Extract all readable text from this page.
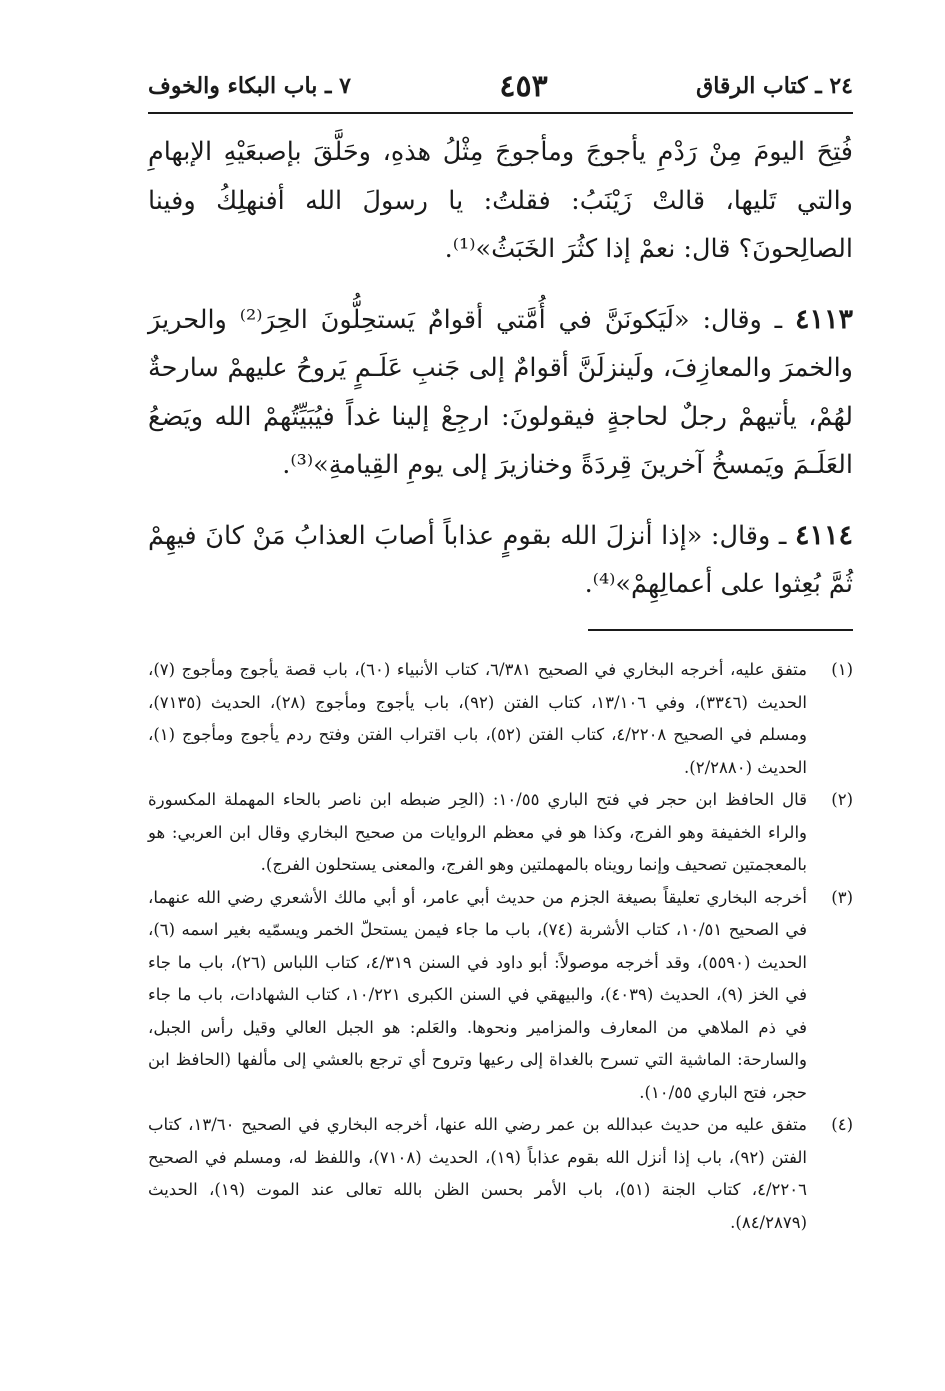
٢٤ ـ كتاب الرقاق
٤٥٣
٧ ـ باب البكاء والخوف

فُتِحَ اليومَ مِنْ رَدْمِ يأجوجَ ومأجوجَ مِثْلُ هذهِ، وحَلَّقَ بإصبعَيْهِ الإبهامِ والتي تَليها، قالتْ زَيْنَبُ: فقلتُ: يا رسولَ الله أفنهلِكُ وفينا الصالِحونَ؟ قال: نعمْ إذا كثُرَ الخَبَثُ»⁽¹⁾.

٤١١٣ ـ وقال: «لَيَكونَنَّ في أُمَّتي أقوامٌ يَستحِلُّونَ الحِرَ⁽²⁾ والحريرَ والخمرَ والمعازِفَ، ولَينزلَنَّ أقوامٌ إلى جَنبِ عَلَـمٍ يَروحُ عليهمْ سارحةٌ لهُمْ، يأتيهمْ رجلٌ لحاجةٍ فيقولونَ: ارجِعْ إلينا غداً فيُبَيِّتُهمْ الله ويَضعُ العَلَـمَ ويَمسخُ آخرينَ قِردَةً وخنازيرَ إلى يومِ القِيامةِ»⁽³⁾.

٤١١٤ ـ وقال: «إذا أنزلَ الله بقومٍ عذاباً أصابَ العذابُ مَنْ كانَ فيهِمْ ثُمَّ بُعِثوا على أعمالِهِمْ»⁽⁴⁾.

(١)
متفق عليه، أخرجه البخاري في الصحيح ٦/٣٨١، كتاب الأنبياء (٦٠)، باب قصة يأجوج ومأجوج (٧)، الحديث (٣٣٤٦)، وفي ١٣/١٠٦، كتاب الفتن (٩٢)، باب يأجوج ومأجوج (٢٨)، الحديث (٧١٣٥)، ومسلم في الصحيح ٤/٢٢٠٨، كتاب الفتن (٥٢)، باب اقتراب الفتن وفتح ردم يأجوج ومأجوج (١)، الحديث (٢/٢٨٨٠).
(٢)
قال الحافظ ابن حجر في فتح الباري ١٠/٥٥: (الحِر ضبطه ابن ناصر بالحاء المهملة المكسورة والراء الخفيفة وهو الفرج، وكذا هو في معظم الروايات من صحيح البخاري وقال ابن العربي: هو بالمعجمتين تصحيف وإنما رويناه بالمهملتين وهو الفرج، والمعنى يستحلون الفرج).
(٣)
أخرجه البخاري تعليقاً بصيغة الجزم من حديث أبي عامر، أو أبي مالك الأشعري رضي الله عنهما، في الصحيح ١٠/٥١، كتاب الأشربة (٧٤)، باب ما جاء فيمن يستحلّ الخمر ويسمّيه بغير اسمه (٦)، الحديث (٥٥٩٠)، وقد أخرجه موصولاً: أبو داود في السنن ٤/٣١٩، كتاب اللباس (٢٦)، باب ما جاء في الخز (٩)، الحديث (٤٠٣٩)، والبيهقي في السنن الكبرى ١٠/٢٢١، كتاب الشهادات، باب ما جاء في ذم الملاهي من المعارف والمزامير ونحوها. والعَلم: هو الجبل العالي وقيل رأس الجبل، والسارحة: الماشية التي تسرح بالغداة إلى رعيها وتروح أي ترجع بالعشي إلى مألفها (الحافظ ابن حجر، فتح الباري ١٠/٥٥).
(٤)
متفق عليه من حديث عبدالله بن عمر رضي الله عنها، أخرجه البخاري في الصحيح ١٣/٦٠، كتاب الفتن (٩٢)، باب إذا أنزل الله بقوم عذاباً (١٩)، الحديث (٧١٠٨)، واللفظ له، ومسلم في الصحيح ٤/٢٢٠٦، كتاب الجنة (٥١)، باب الأمر بحسن الظن بالله تعالى عند الموت (١٩)، الحديث (٨٤/٢٨٧٩).
